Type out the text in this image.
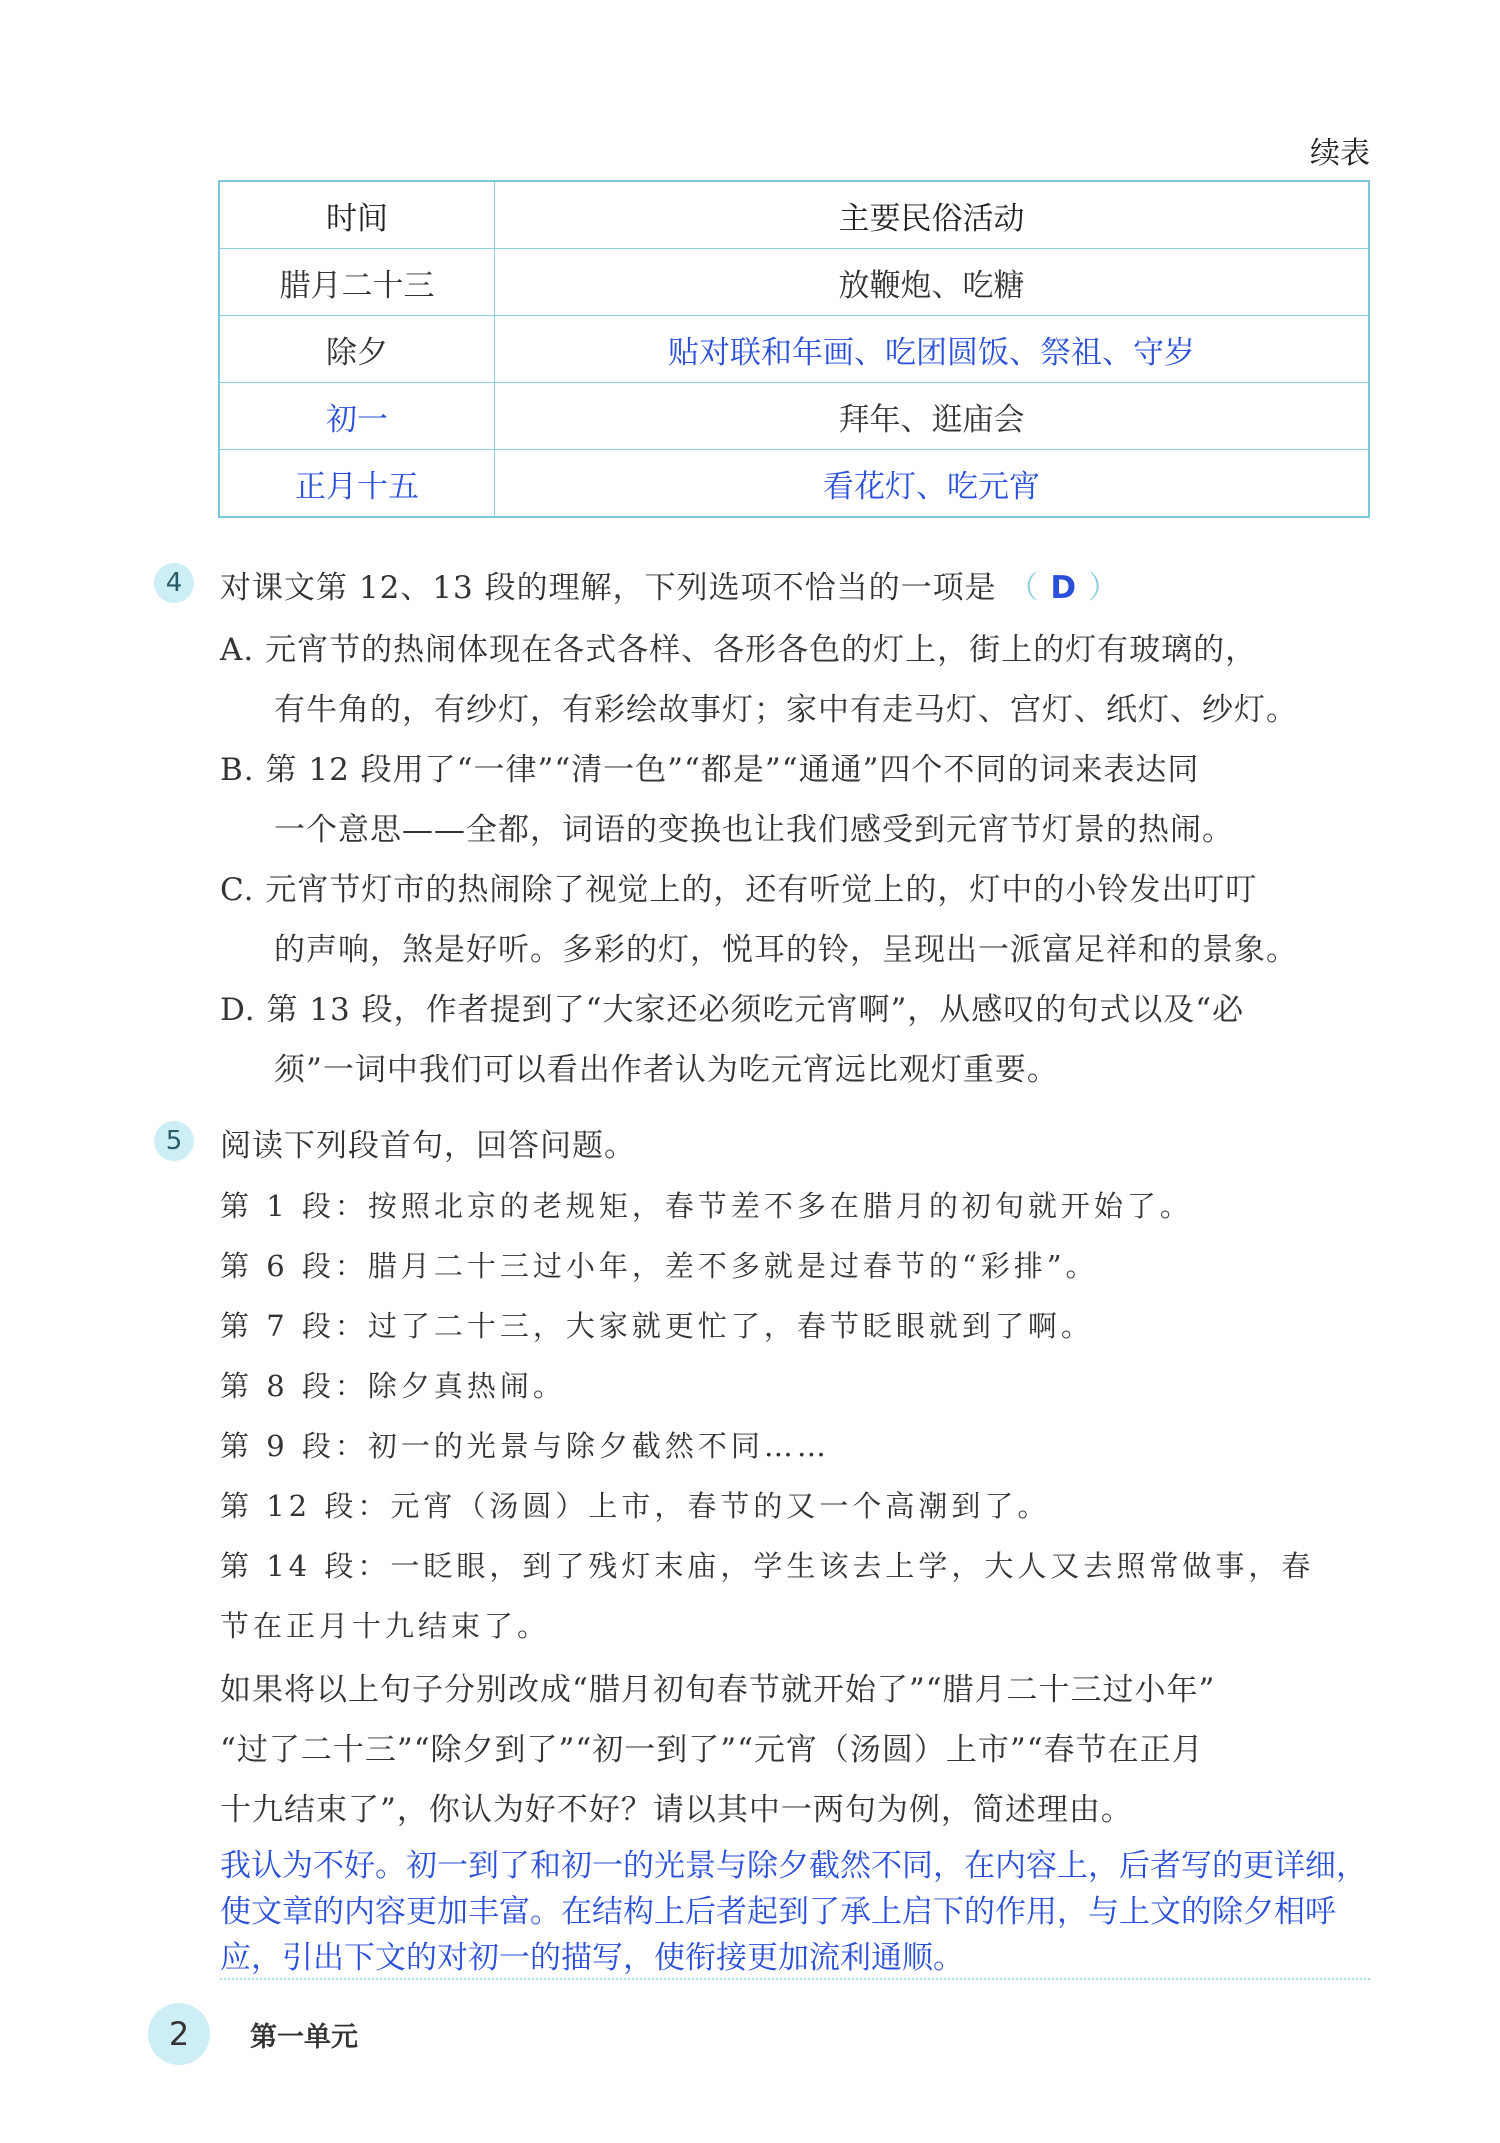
续表
时间	主要民俗活动
腊月二十三	放鞭炮、吃糖
除夕	贴对联和年画、吃团圆饭、祭祖、守岁
初一	拜年、逛庙会
正月十五	看花灯、吃元宵
4	对课文第 12、13 段的理解，下列选项不恰当的一项是 （ D ）
A. 元宵节的热闹体现在各式各样、各形各色的灯上，街上的灯有玻璃的，
有牛角的，有纱灯，有彩绘故事灯；家中有走马灯、宫灯、纸灯、纱灯。
B. 第 12 段用了“一律”“清一色”“都是”“通通”四个不同的词来表达同
一个意思——全都，词语的变换也让我们感受到元宵节灯景的热闹。
C. 元宵节灯市的热闹除了视觉上的，还有听觉上的，灯中的小铃发出叮叮
的声响，煞是好听。多彩的灯，悦耳的铃，呈现出一派富足祥和的景象。
D. 第 13 段，作者提到了“大家还必须吃元宵啊”，从感叹的句式以及“必
须”一词中我们可以看出作者认为吃元宵远比观灯重要。
5	阅读下列段首句，回答问题。
第 1 段：按照北京的老规矩，春节差不多在腊月的初旬就开始了。
第 6 段：腊月二十三过小年，差不多就是过春节的“彩排”。
第 7 段：过了二十三，大家就更忙了，春节眨眼就到了啊。
第 8 段：除夕真热闹。
第 9 段：初一的光景与除夕截然不同……
第 12 段：元宵（汤圆）上市，春节的又一个高潮到了。
第 14 段：一眨眼，到了残灯末庙，学生该去上学，大人又去照常做事，春
节在正月十九结束了。
如果将以上句子分别改成“腊月初旬春节就开始了”“腊月二十三过小年”
“过了二十三”“除夕到了”“初一到了”“元宵（汤圆）上市”“春节在正月
十九结束了”，你认为好不好？请以其中一两句为例，简述理由。
我认为不好。初一到了和初一的光景与除夕截然不同，在内容上，后者写的更详细，
使文章的内容更加丰富。在结构上后者起到了承上启下的作用，与上文的除夕相呼
应，引出下文的对初一的描写，使衔接更加流利通顺。
2	第一单元
